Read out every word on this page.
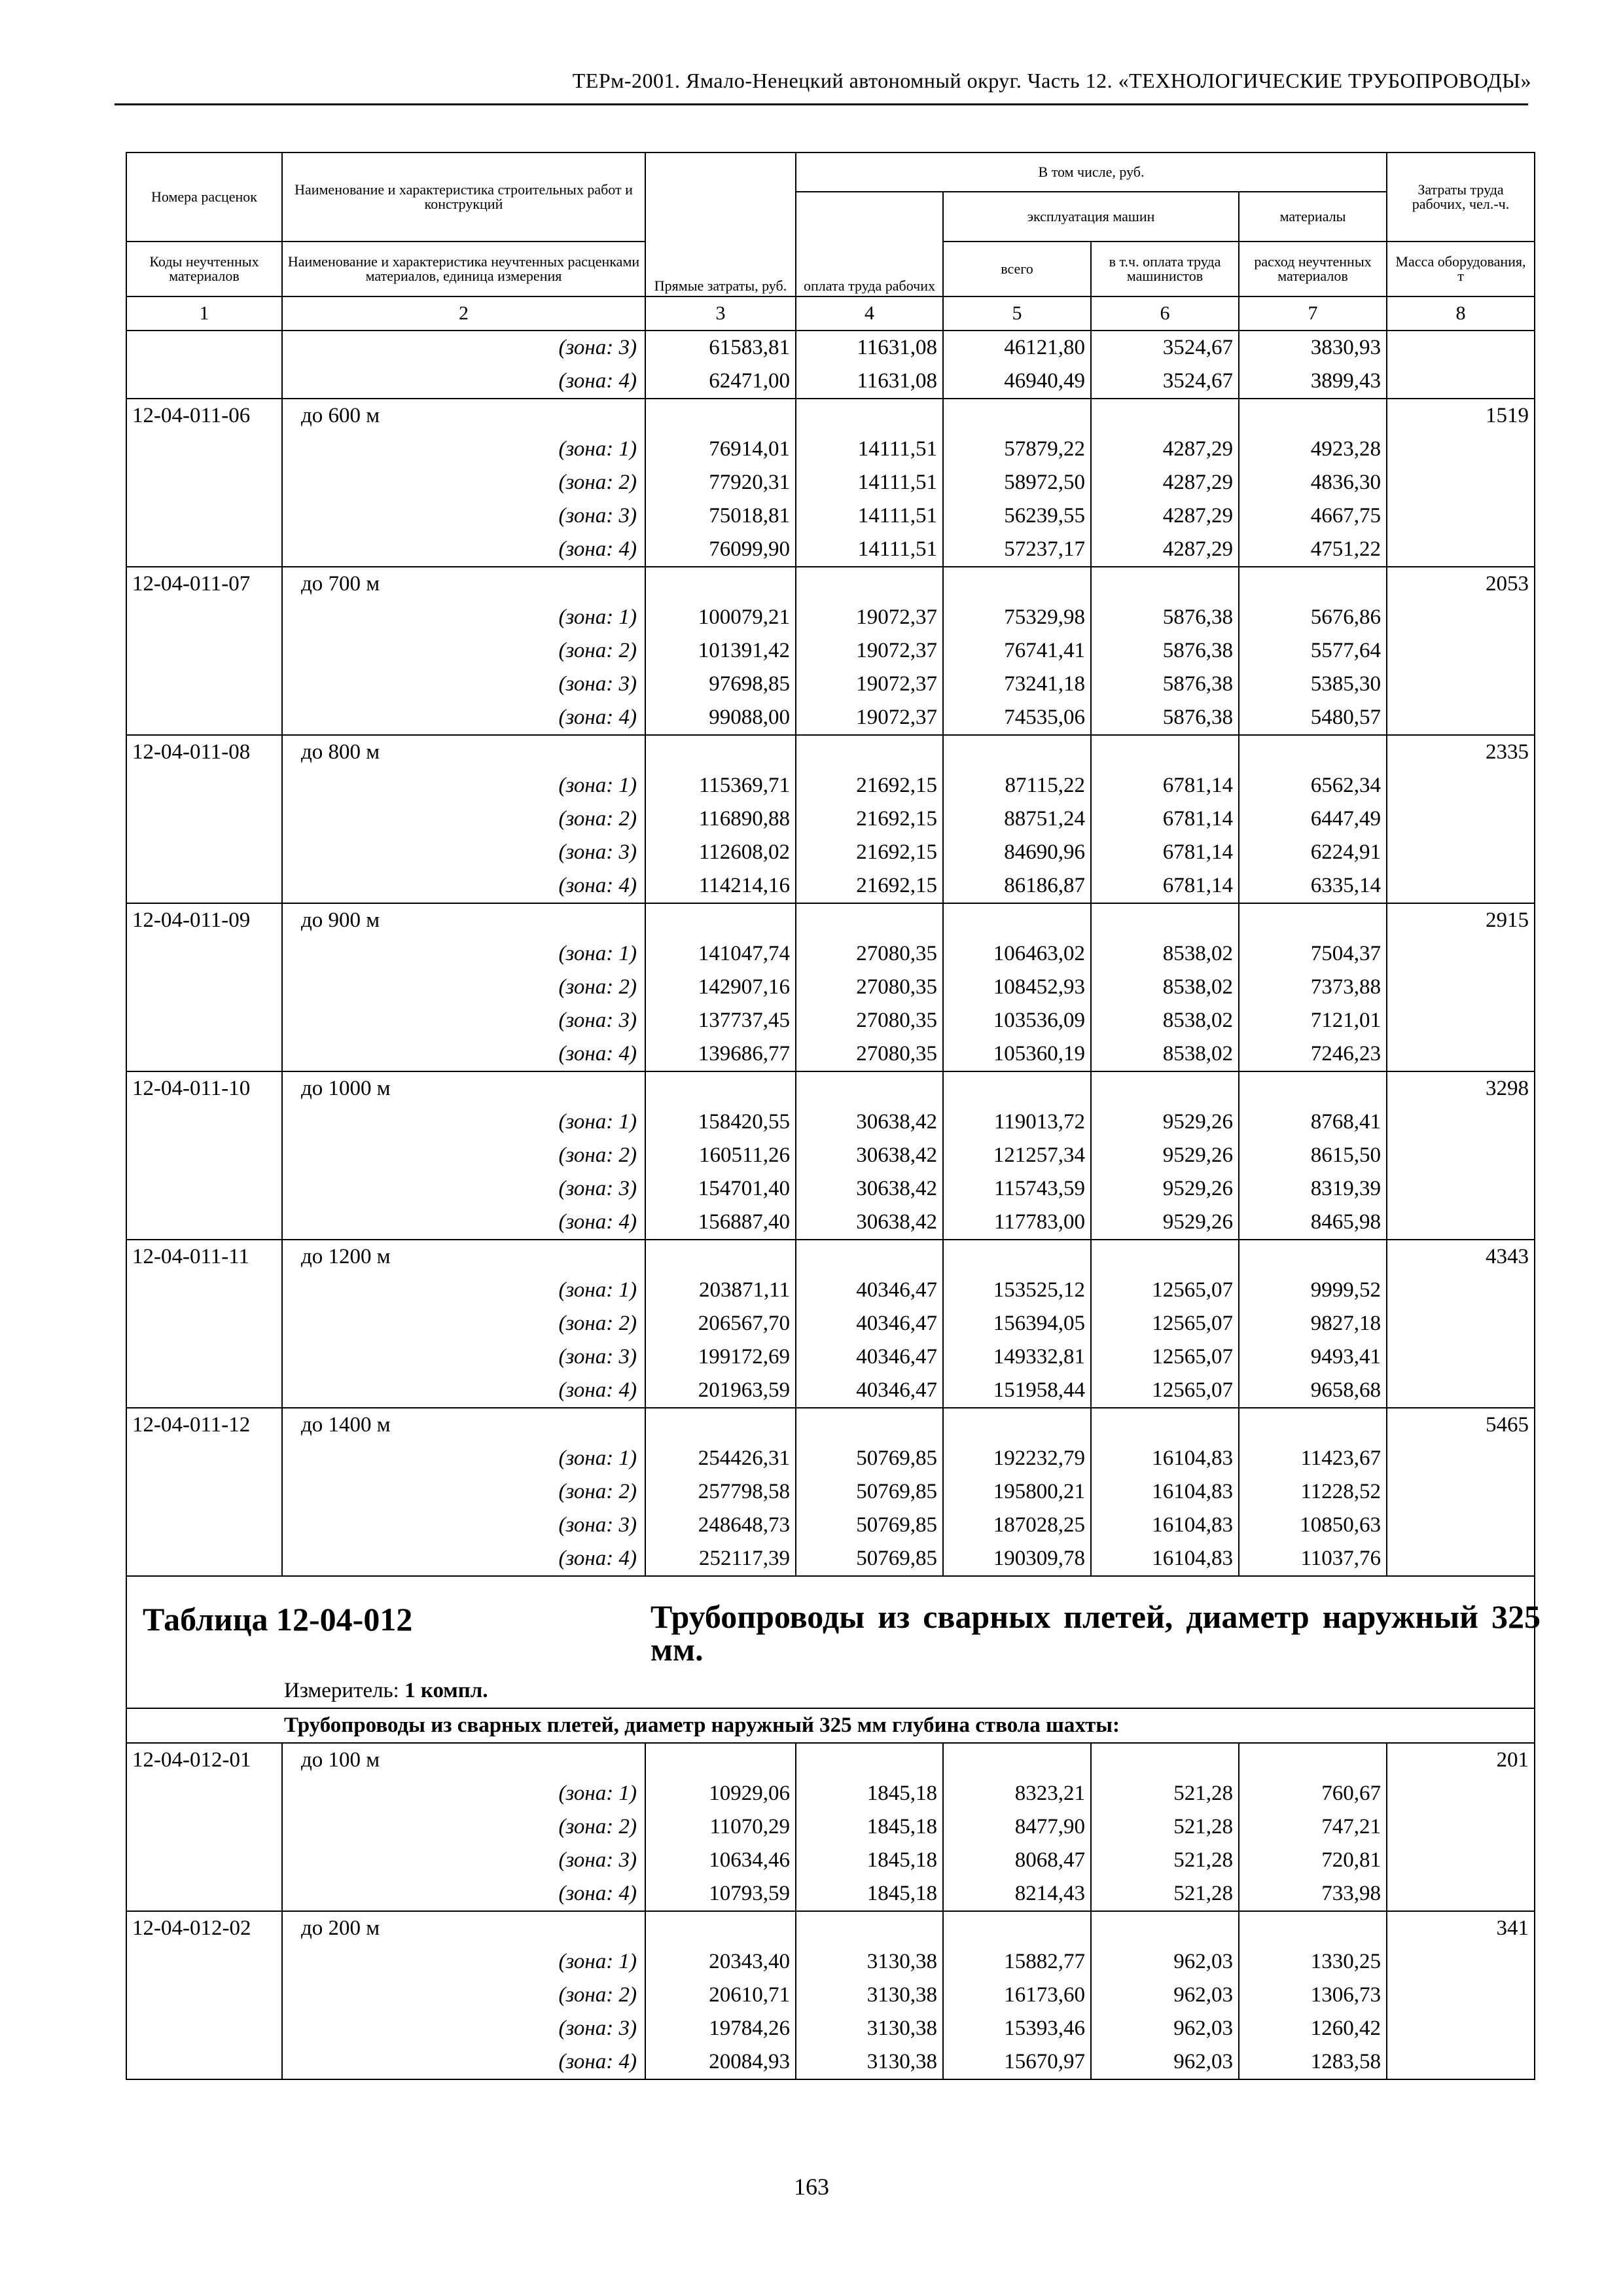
ТЕРм-2001. Ямало-Ненецкий автономный округ. Часть 12. «ТЕХНОЛОГИЧЕСКИЕ ТРУБОПРОВОДЫ»
Номера расценок	Наименование и характеристика строительных работ и конструкций	Прямые затраты, руб.	В том числе, руб.				Затраты труда рабочих, чел.-ч.
			оплата труда рабочих	эксплуатация машин		материалы	
Коды неучтенных материалов	Наименование и характеристика неучтенных расценками материалов, единица измерения			всего	в т.ч. оплата труда машинистов	расход неучтенных материалов	Масса оборудования, т
1	2	3	4	5	6	7	8
	(зона: 3)	61583,81	11631,08	46121,80	3524,67	3830,93	
	(зона: 4)	62471,00	11631,08	46940,49	3524,67	3899,43	
12-04-011-06	до 600 м						1519
	(зона: 1)	76914,01	14111,51	57879,22	4287,29	4923,28	
	(зона: 2)	77920,31	14111,51	58972,50	4287,29	4836,30	
	(зона: 3)	75018,81	14111,51	56239,55	4287,29	4667,75	
	(зона: 4)	76099,90	14111,51	57237,17	4287,29	4751,22	
12-04-011-07	до 700 м						2053
	(зона: 1)	100079,21	19072,37	75329,98	5876,38	5676,86	
	(зона: 2)	101391,42	19072,37	76741,41	5876,38	5577,64	
	(зона: 3)	97698,85	19072,37	73241,18	5876,38	5385,30	
	(зона: 4)	99088,00	19072,37	74535,06	5876,38	5480,57	
12-04-011-08	до 800 м						2335
	(зона: 1)	115369,71	21692,15	87115,22	6781,14	6562,34	
	(зона: 2)	116890,88	21692,15	88751,24	6781,14	6447,49	
	(зона: 3)	112608,02	21692,15	84690,96	6781,14	6224,91	
	(зона: 4)	114214,16	21692,15	86186,87	6781,14	6335,14	
12-04-011-09	до 900 м						2915
	(зона: 1)	141047,74	27080,35	106463,02	8538,02	7504,37	
	(зона: 2)	142907,16	27080,35	108452,93	8538,02	7373,88	
	(зона: 3)	137737,45	27080,35	103536,09	8538,02	7121,01	
	(зона: 4)	139686,77	27080,35	105360,19	8538,02	7246,23	
12-04-011-10	до 1000 м						3298
	(зона: 1)	158420,55	30638,42	119013,72	9529,26	8768,41	
	(зона: 2)	160511,26	30638,42	121257,34	9529,26	8615,50	
	(зона: 3)	154701,40	30638,42	115743,59	9529,26	8319,39	
	(зона: 4)	156887,40	30638,42	117783,00	9529,26	8465,98	
12-04-011-11	до 1200 м						4343
	(зона: 1)	203871,11	40346,47	153525,12	12565,07	9999,52	
	(зона: 2)	206567,70	40346,47	156394,05	12565,07	9827,18	
	(зона: 3)	199172,69	40346,47	149332,81	12565,07	9493,41	
	(зона: 4)	201963,59	40346,47	151958,44	12565,07	9658,68	
12-04-011-12	до 1400 м						5465
	(зона: 1)	254426,31	50769,85	192232,79	16104,83	11423,67	
	(зона: 2)	257798,58	50769,85	195800,21	16104,83	11228,52	
	(зона: 3)	248648,73	50769,85	187028,25	16104,83	10850,63	
	(зона: 4)	252117,39	50769,85	190309,78	16104,83	11037,76	

Таблица 12-04-012 Трубопроводы из сварных плетей, диаметр наружный 325 мм.
Измеритель: 1 компл.							

Трубопроводы из сварных плетей, диаметр наружный 325 мм глубина ствола шахты:							
12-04-012-01	до 100 м						201
	(зона: 1)	10929,06	1845,18	8323,21	521,28	760,67	
	(зона: 2)	11070,29	1845,18	8477,90	521,28	747,21	
	(зона: 3)	10634,46	1845,18	8068,47	521,28	720,81	
	(зона: 4)	10793,59	1845,18	8214,43	521,28	733,98	
12-04-012-02	до 200 м						341
	(зона: 1)	20343,40	3130,38	15882,77	962,03	1330,25	
	(зона: 2)	20610,71	3130,38	16173,60	962,03	1306,73	
	(зона: 3)	19784,26	3130,38	15393,46	962,03	1260,42	
	(зона: 4)	20084,93	3130,38	15670,97	962,03	1283,58	
163
